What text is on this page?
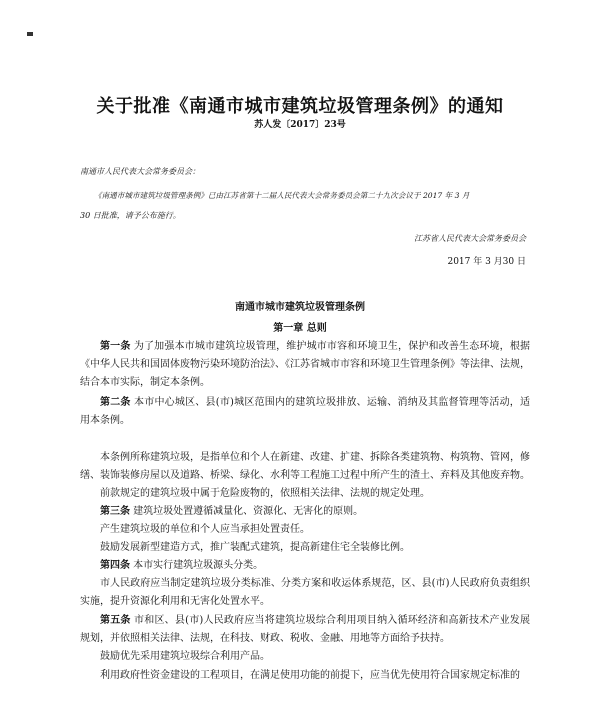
关于批准《南通市城市建筑垃圾管理条例》的通知
苏人发〔2017〕23号
南通市人民代表大会常务委员会：
《南通市城市建筑垃圾管理条例》已由江苏省第十二届人民代表大会常务委员会第二十九次会议于 2017 年 3 月
30 日批准，请予公布施行。
江苏省人民代表大会常务委员会
2017 年 3 月30 日
南通市城市建筑垃圾管理条例
第一章 总则
第一条 为了加强本市城市建筑垃圾管理，维护城市市容和环境卫生，保护和改善生态环境，根据《中华人民共和国固体废物污染环境防治法》、《江苏省城市市容和环境卫生管理条例》等法律、法规，结合本市实际，制定本条例。
第二条 本市中心城区、县(市)城区范围内的建筑垃圾排放、运输、消纳及其监督管理等活动，适用本条例。
本条例所称建筑垃圾，是指单位和个人在新建、改建、扩建、拆除各类建筑物、构筑物、管网，修缮、装饰装修房屋以及道路、桥梁、绿化、水利等工程施工过程中所产生的渣土、弃料及其他废弃物。
前款规定的建筑垃圾中属于危险废物的，依照相关法律、法规的规定处理。
第三条 建筑垃圾处置遵循减量化、资源化、无害化的原则。
产生建筑垃圾的单位和个人应当承担处置责任。
鼓励发展新型建造方式，推广装配式建筑，提高新建住宅全装修比例。
第四条 本市实行建筑垃圾源头分类。
市人民政府应当制定建筑垃圾分类标准、分类方案和收运体系规范，区、县(市)人民政府负责组织实施，提升资源化利用和无害化处置水平。
第五条 市和区、县(市)人民政府应当将建筑垃圾综合利用项目纳入循环经济和高新技术产业发展规划，并依照相关法律、法规，在科技、财政、税收、金融、用地等方面给予扶持。
鼓励优先采用建筑垃圾综合利用产品。
利用政府性资金建设的工程项目，在满足使用功能的前提下，应当优先使用符合国家规定标准的
